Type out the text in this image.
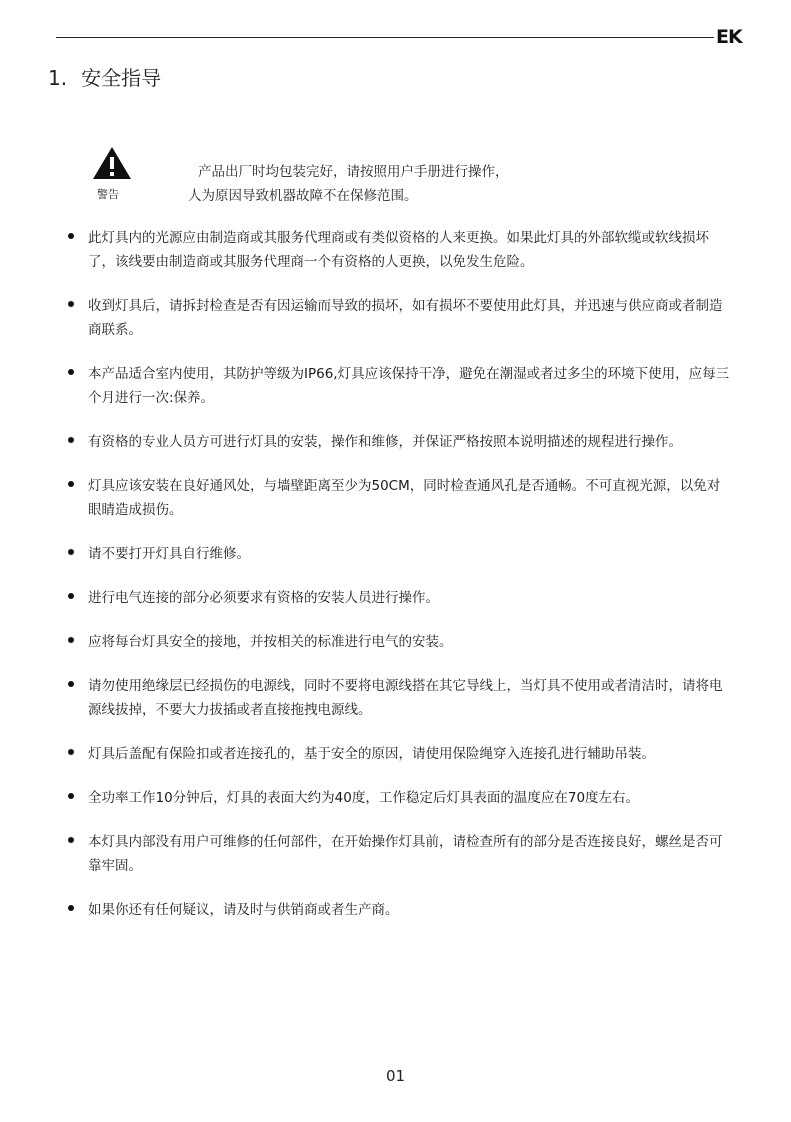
EK
1. 安全指导
警告
产品出厂时均包装完好，请按照用户手册进行操作，
人为原因导致机器故障不在保修范围。
此灯具内的光源应由制造商或其服务代理商或有类似资格的人来更换。如果此灯具的外部软缆或软线损坏了，该线要由制造商或其服务代理商一个有资格的人更换，以免发生危险。
收到灯具后，请拆封检查是否有因运输而导致的损坏，如有损坏不要使用此灯具，并迅速与供应商或者制造商联系。
本产品适合室内使用，其防护等级为IP66,灯具应该保持干净，避免在潮湿或者过多尘的环境下使用，应每三个月进行一次:保养。
有资格的专业人员方可进行灯具的安装，操作和维修，并保证严格按照本说明描述的规程进行操作。
灯具应该安装在良好通风处，与墙壁距离至少为50CM，同时检查通风孔是否通畅。不可直视光源，以免对眼睛造成损伤。
请不要打开灯具自行维修。
进行电气连接的部分必须要求有资格的安装人员进行操作。
应将每台灯具安全的接地，并按相关的标准进行电气的安装。
请勿使用绝缘层已经损伤的电源线，同时不要将电源线搭在其它导线上，当灯具不使用或者清洁时，请将电源线拔掉，不要大力拔插或者直接拖拽电源线。
灯具后盖配有保险扣或者连接孔的，基于安全的原因，请使用保险绳穿入连接孔进行辅助吊装。
全功率工作10分钟后，灯具的表面大约为40度，工作稳定后灯具表面的温度应在70度左右。
本灯具内部没有用户可维修的任何部件，在开始操作灯具前，请检查所有的部分是否连接良好，螺丝是否可靠牢固。
如果你还有任何疑议，请及时与供销商或者生产商。
01
